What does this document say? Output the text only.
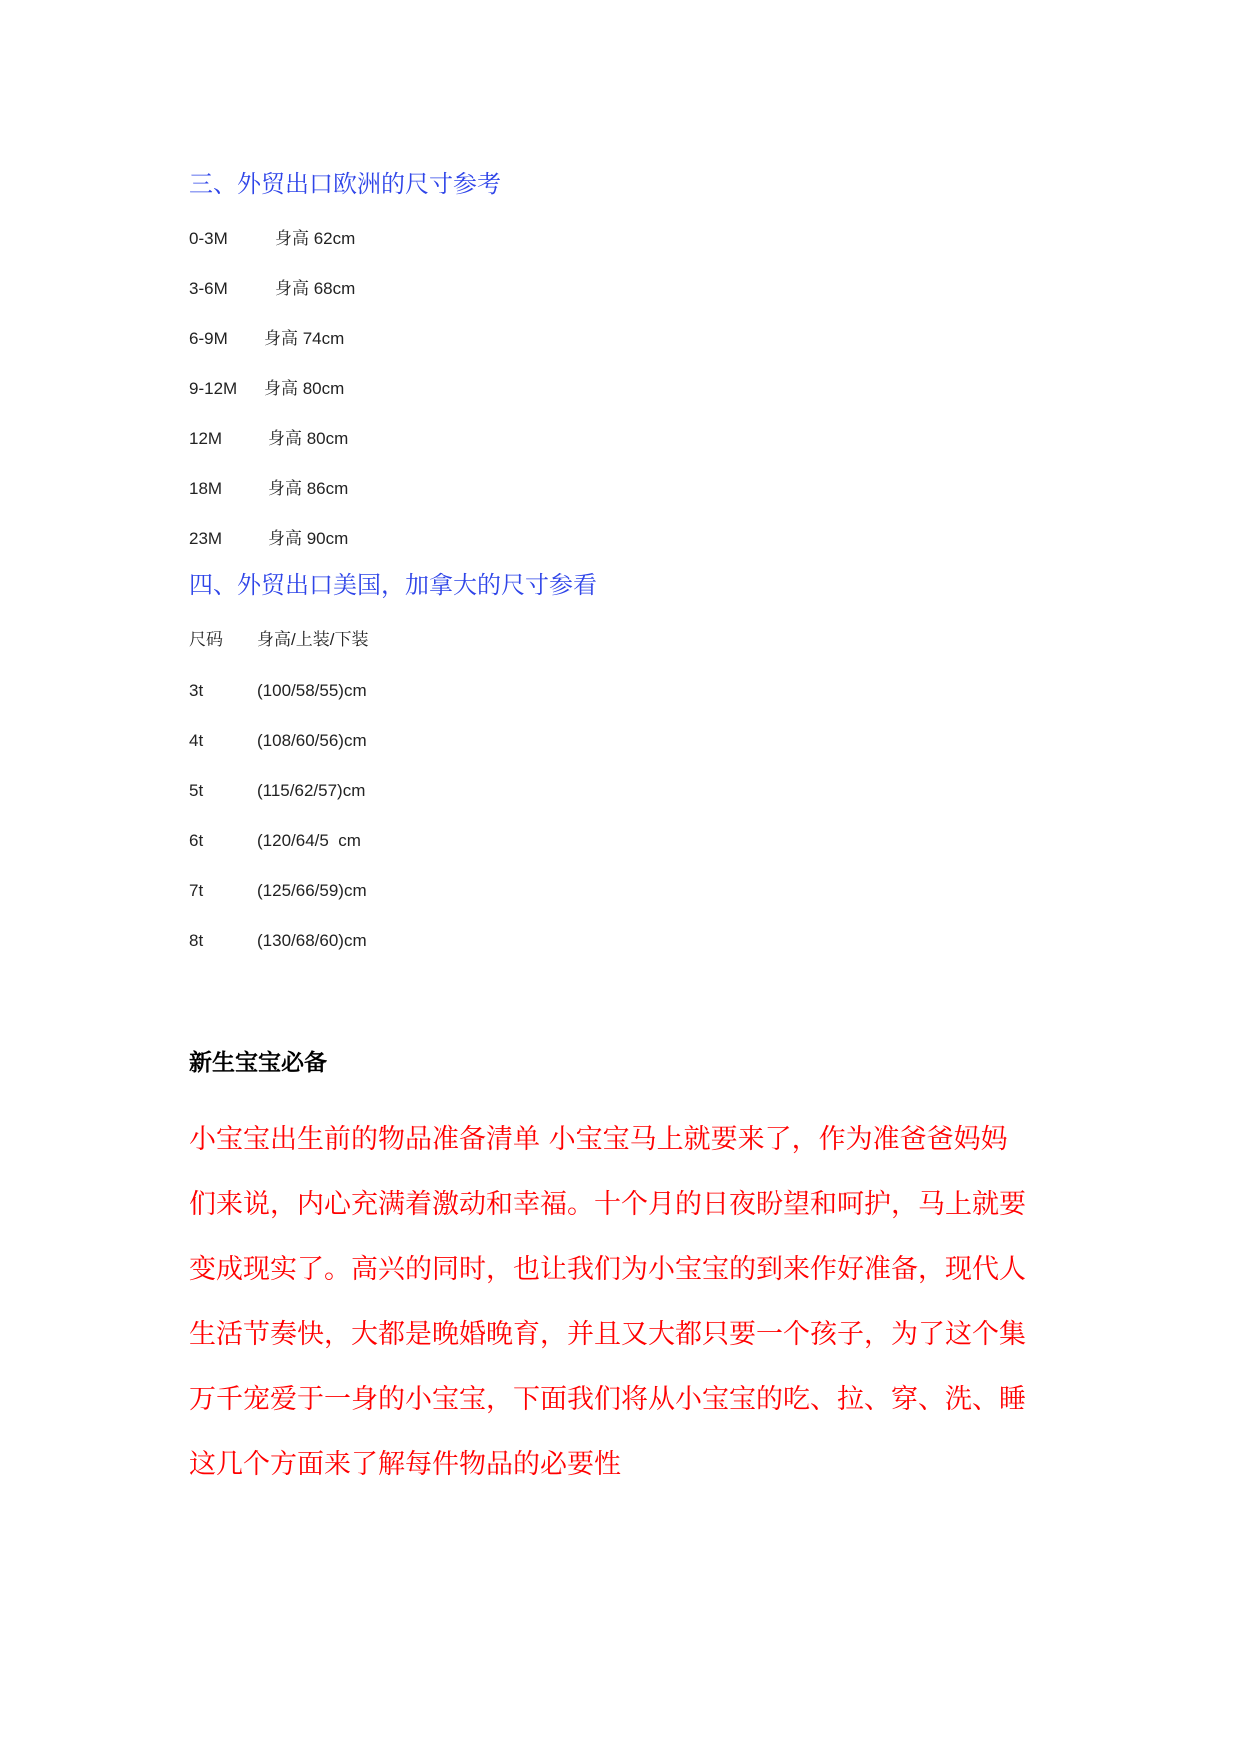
三、外贸出口欧洲的尺寸参考
0-3M	身高 62cm
3-6M	身高 68cm
6-9M 身高 74cm
9-12M 身高 80cm
12M	身高 80cm
18M	身高 86cm
23M	身高 90cm
四、外贸出口美国，加拿大的尺寸参看
尺码 身高/上装/下装
3t	(100/58/55)cm
4t	(108/60/56)cm
5t	(115/62/57)cm
6t	(120/64/5  cm
7t	(125/66/59)cm
8t	(130/68/60)cm
新生宝宝必备

小宝宝出生前的物品准备清单 小宝宝马上就要来了，作为准爸爸妈妈
们来说，内心充满着激动和幸福。十个月的日夜盼望和呵护，马上就要
变成现实了。高兴的同时，也让我们为小宝宝的到来作好准备，现代人
生活节奏快，大都是晚婚晚育，并且又大都只要一个孩子，为了这个集
万千宠爱于一身的小宝宝，下面我们将从小宝宝的吃、拉、穿、洗、睡
这几个方面来了解每件物品的必要性
